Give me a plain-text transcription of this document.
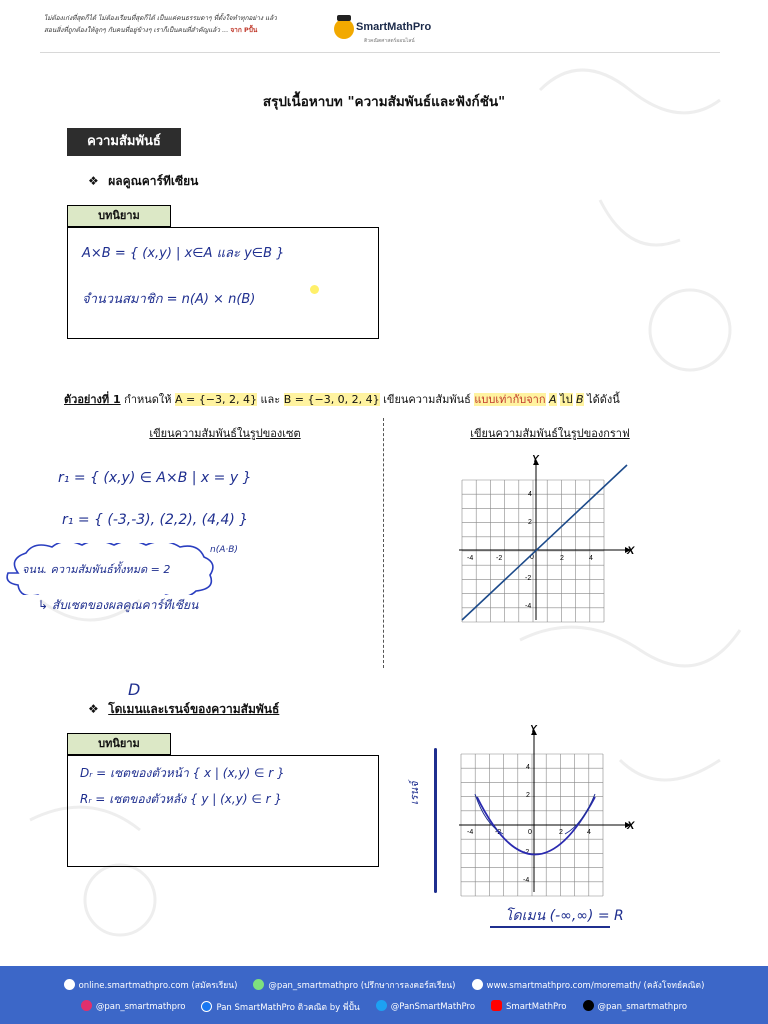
ไม่ต้องเก่งที่สุดก็ได้ ไม่ต้องเรียนที่สุดก็ได้ เป็นแค่คนธรรมดาๆ ที่ตั้งใจทำทุกอย่าง แล้ว
สอนสิ่งที่ถูกต้องให้ลูกๆ กับคนที่อยู่ข้างๆ เราก็เป็นคนที่สำคัญแล้ว ... จาก Pปั้น	SmartMathPro
ติวคณิตศาสตร์ออนไลน์
สรุปเนื้อหาบท "ความสัมพันธ์และฟังก์ชัน"
ความสัมพันธ์
❖ ผลคูณคาร์ทีเซียน
บทนิยาม
A×B = { (x,y) | x∈A และ y∈B }
จำนวนสมาชิก = n(A) × n(B)
ตัวอย่างที่ 1 กำหนดให้ A = {−3, 2, 4} และ B = {−3, 0, 2, 4} เขียนความสัมพันธ์ แบบเท่ากับจาก A ไป B ได้ดังนี้
เขียนความสัมพันธ์ในรูปของเซต	เขียนความสัมพันธ์ในรูปของกราฟ
r₁ = { (x,y) ∈ A×B | x = y }
r₁ = { (-3,-3), (2,2), (4,4) }
จนน. ความสัมพันธ์ทั้งหมด = 2
n(A·B)
↳ สับเซตของผลคูณคาร์ทีเซียน
X
Y
-4	-2	2	4
4
2
-2
-4
0
D
❖ โดเมนและเรนจ์ของความสัมพันธ์
บทนิยาม
Dᵣ = เซตของตัวหน้า { x | (x,y) ∈ r }
Rᵣ = เซตของตัวหลัง { y | (x,y) ∈ r }	เรนจ์
X
Y
-4	-2	2	4
4
2
-2
-4
0
โดเมน (-∞,∞) = R
online.smartmathpro.com (สมัครเรียน)	@pan_smartmathpro (ปรึกษาการลงคอร์สเรียน)	www.smartmathpro.com/moremath/ (คลังโจทย์คณิต)
@pan_smartmathpro	Pan SmartMathPro ติวคณิต by พี่ปั้น	@PanSmartMathPro	SmartMathPro	@pan_smartmathpro
